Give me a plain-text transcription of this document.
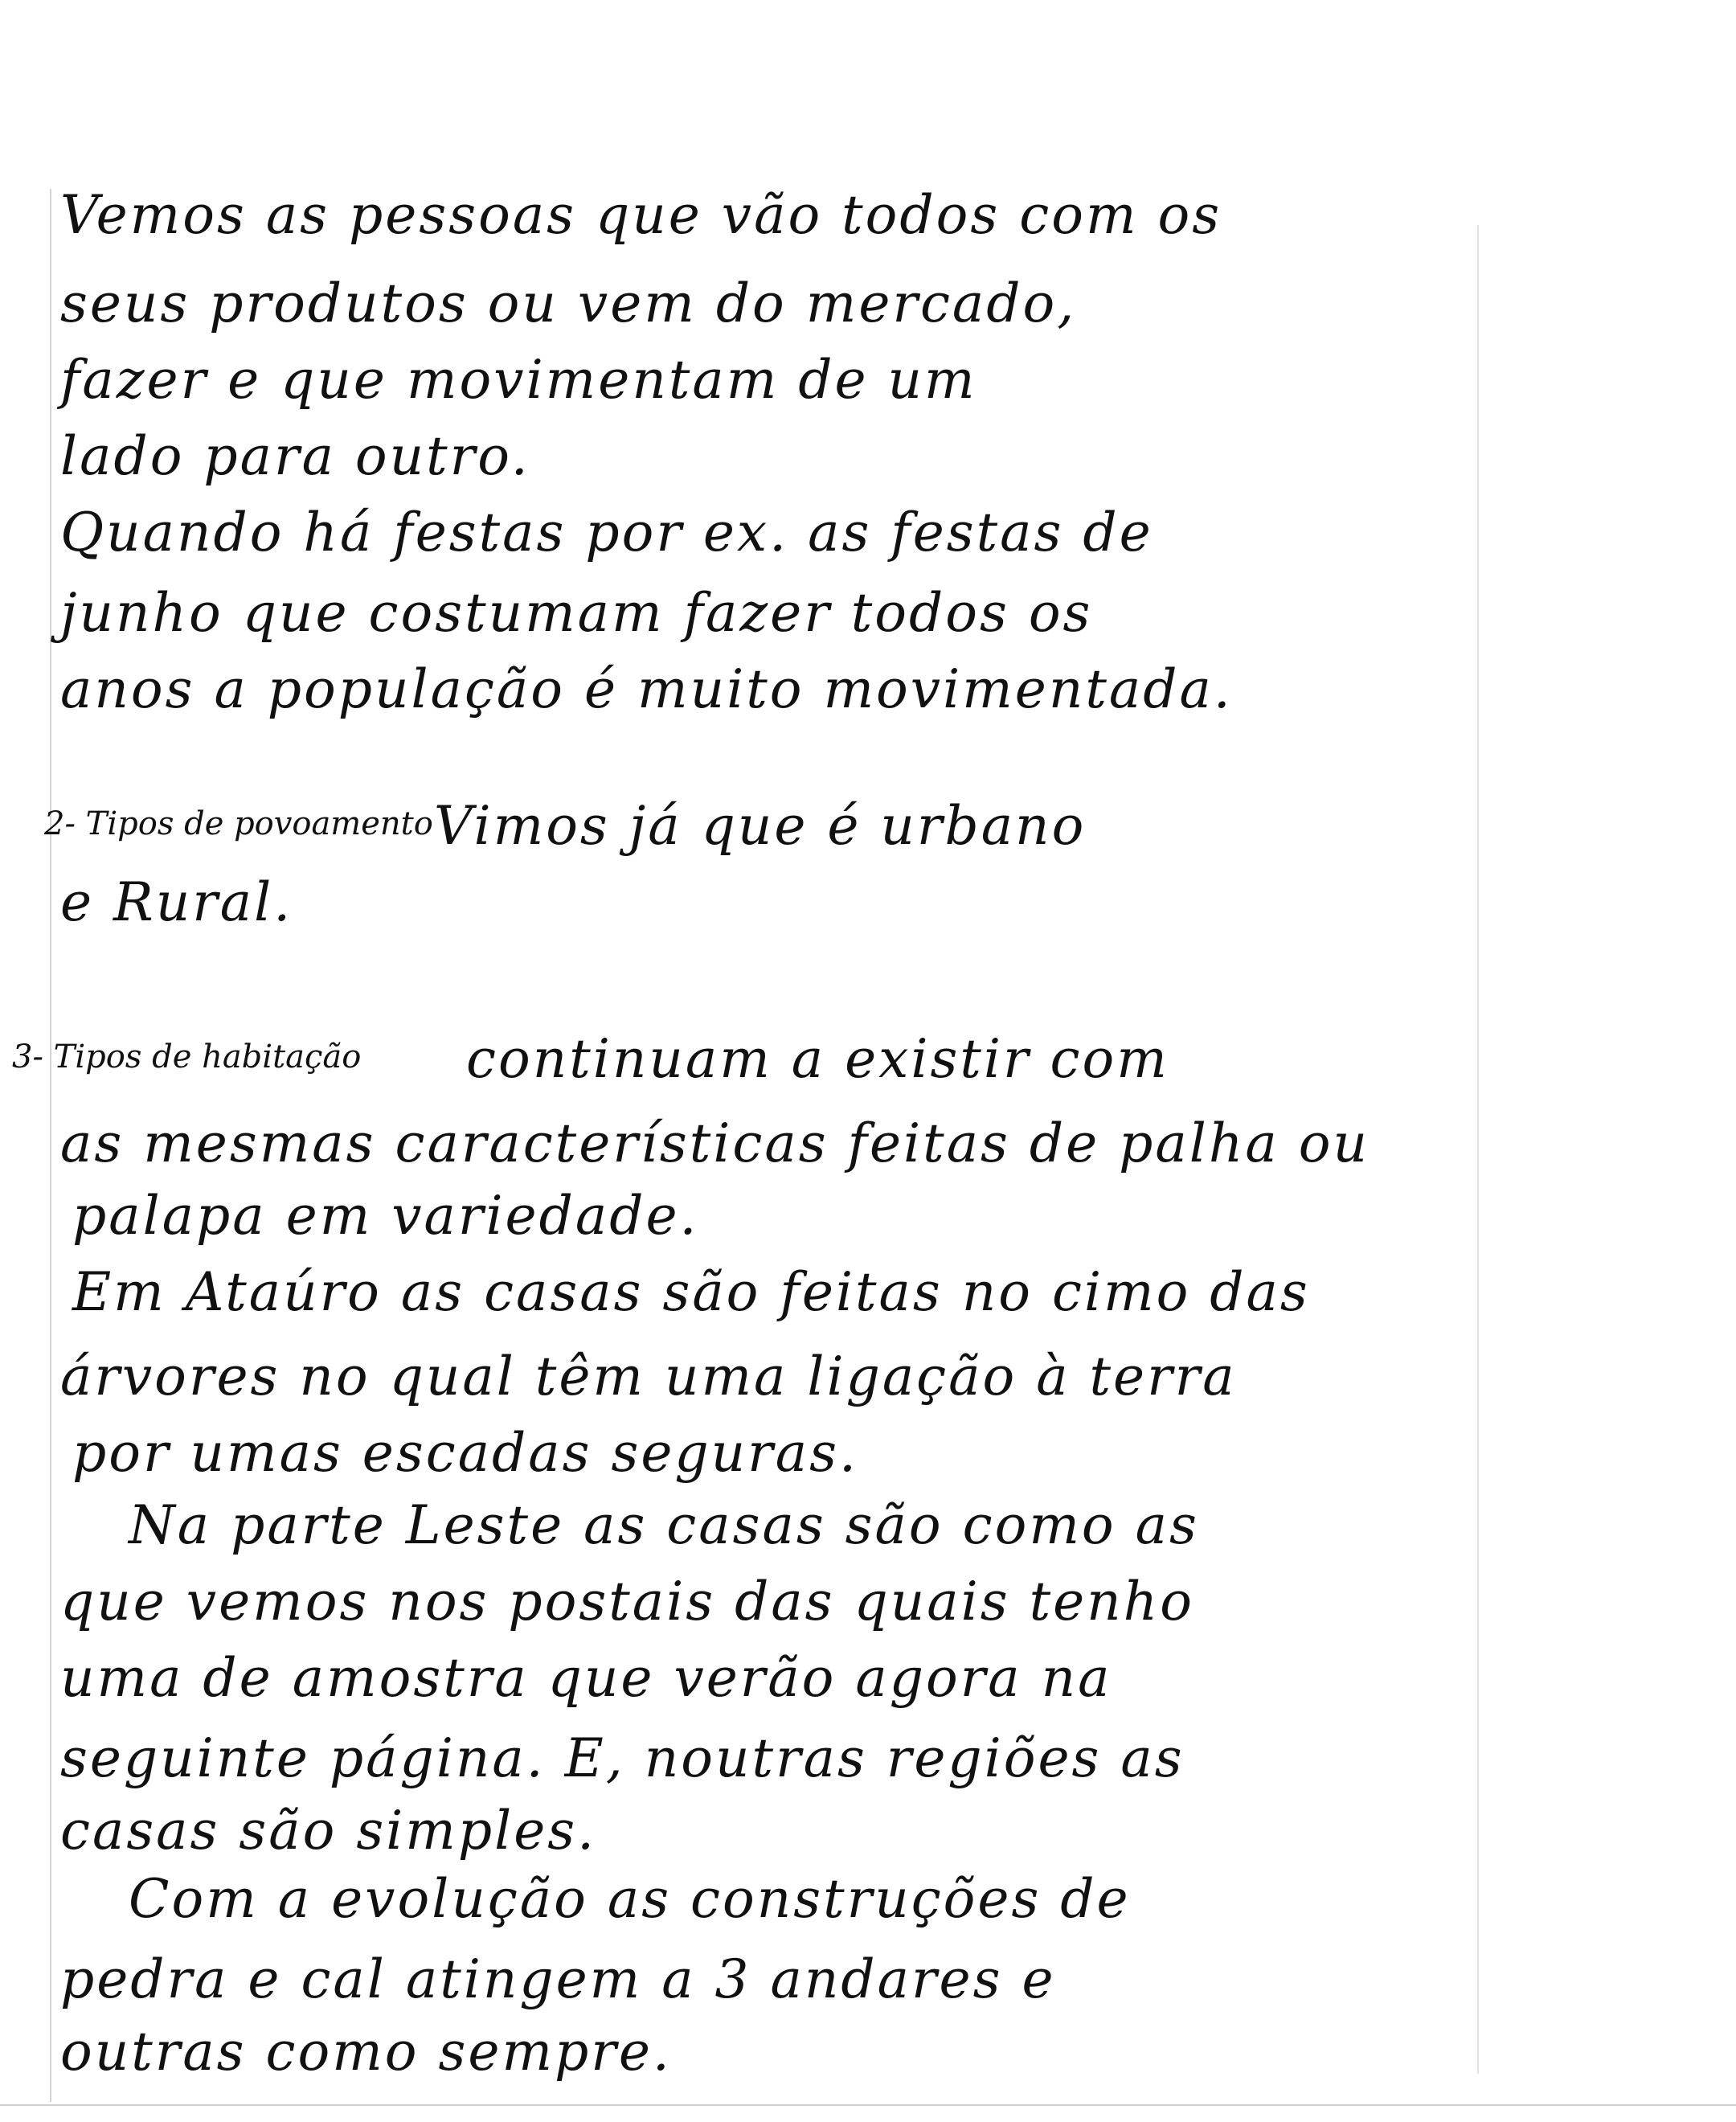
Vemos as pessoas que vão todos com os
seus produtos ou vem do mercado,
fazer e que movimentam de um
lado para outro.
Quando há festas por ex. as festas de
junho que costumam fazer todos os
anos a população é muito movimentada.
2- Tipos de povoamento Vimos já que é urbano
e Rural.
3- Tipos de habitação continuam a existir com
as mesmas características feitas de palha ou
palapa em variedade.
Em Ataúro as casas são feitas no cimo das
árvores no qual têm uma ligação à terra
por umas escadas seguras.
Na parte Leste as casas são como as
que vemos nos postais das quais tenho
uma de amostra que verão agora na
seguinte página. E, noutras regiões as
casas são simples.
Com a evolução as construções de
pedra e cal atingem a 3 andares e
outras como sempre.
